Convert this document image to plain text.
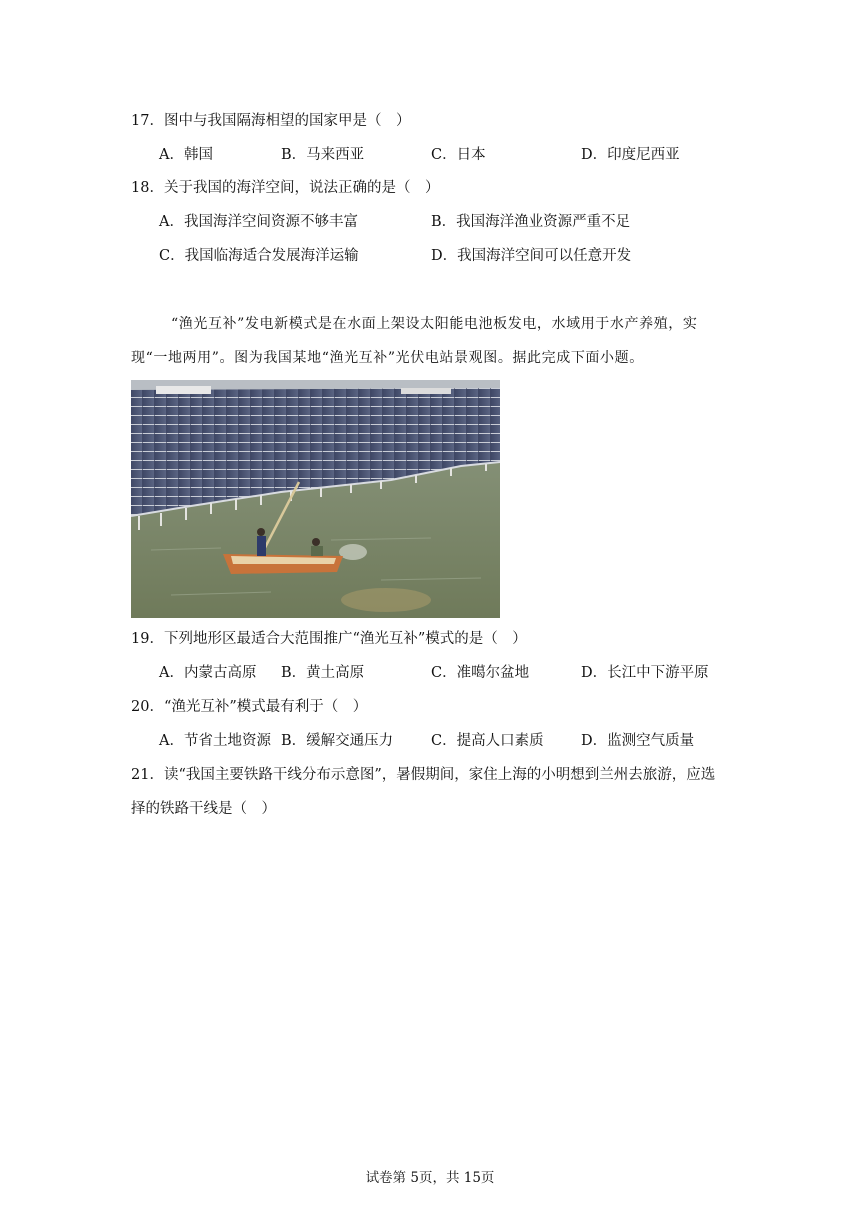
17．图中与我国隔海相望的国家甲是（　）
A．韩国	B．马来西亚	C．日本	D．印度尼西亚
18．关于我国的海洋空间，说法正确的是（　）
A．我国海洋空间资源不够丰富	B．我国海洋渔业资源严重不足
C．我国临海适合发展海洋运输	D．我国海洋空间可以任意开发
“渔光互补”发电新模式是在水面上架设太阳能电池板发电，水域用于水产养殖，实
现“一地两用”。图为我国某地“渔光互补”光伏电站景观图。据此完成下面小题。
19．下列地形区最适合大范围推广“渔光互补”模式的是（　）
A．内蒙古高原 B．黄土高原	C．准噶尔盆地	D．长江中下游平原
20．“渔光互补”模式最有利于（　）
A．节省土地资源 B．缓解交通压力	C．提高人口素质	D．监测空气质量
21．读“我国主要铁路干线分布示意图”，暑假期间，家住上海的小明想到兰州去旅游，应选
择的铁路干线是（　）
试卷第 5页，共 15页
